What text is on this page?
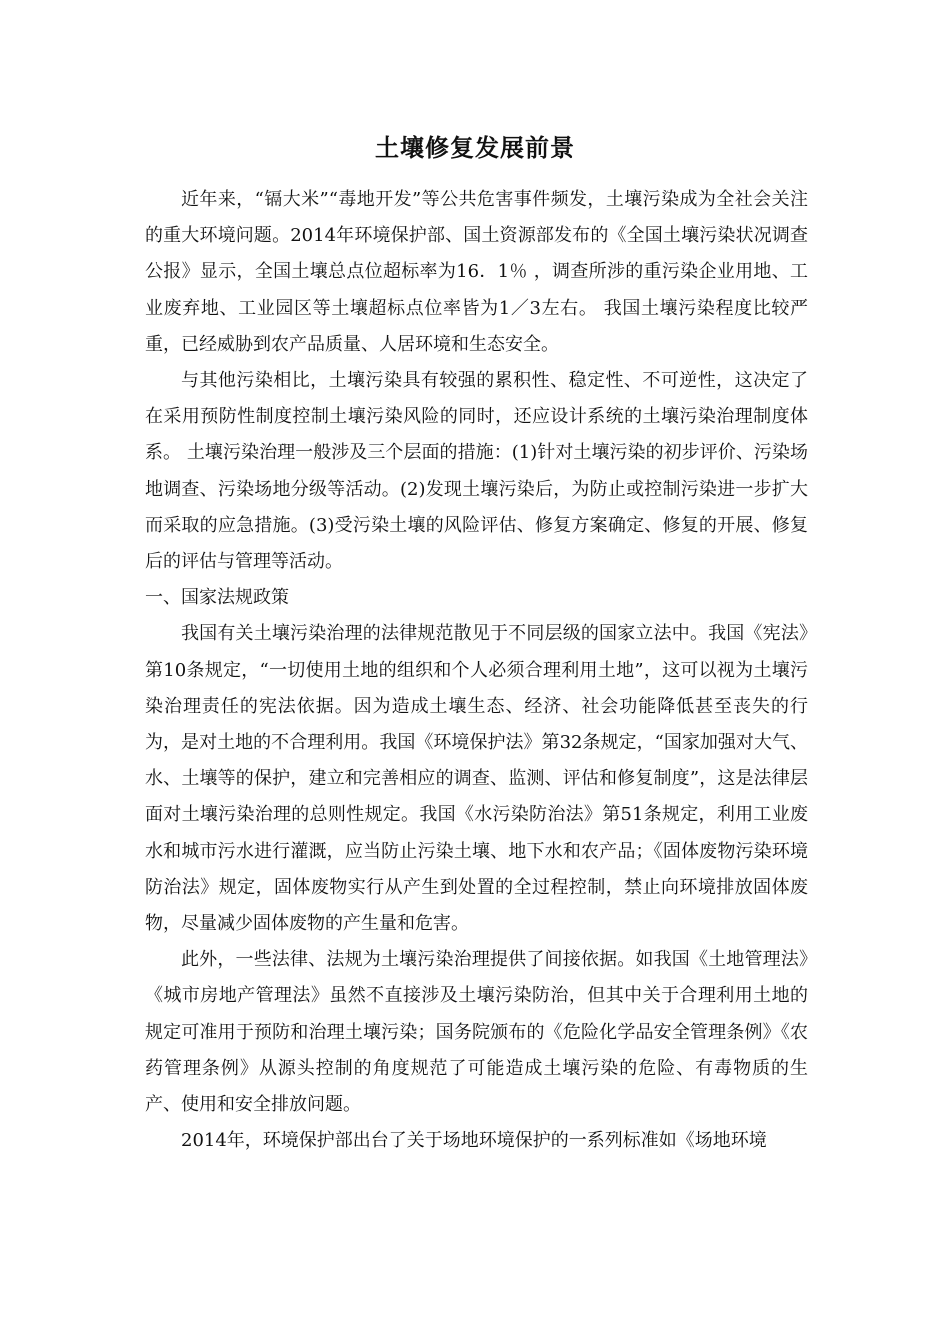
土壤修复发展前景

近年来，“镉大米”“毒地开发”等公共危害事件频发，土壤污染成为全社会关注的重大环境问题。2014年环境保护部、国土资源部发布的《全国土壤污染状况调查公报》显示，全国土壤总点位超标率为16．1％ ，调查所涉的重污染企业用地、工业废弃地、工业园区等土壤超标点位率皆为1／3左右。 我国土壤污染程度比较严重，已经威胁到农产品质量、人居环境和生态安全。

与其他污染相比，土壤污染具有较强的累积性、稳定性、不可逆性，这决定了在采用预防性制度控制土壤污染风险的同时，还应设计系统的土壤污染治理制度体系。 土壤污染治理一般涉及三个层面的措施：(1)针对土壤污染的初步评价、污染场地调查、污染场地分级等活动。(2)发现土壤污染后，为防止或控制污染进一步扩大而采取的应急措施。(3)受污染土壤的风险评估、修复方案确定、修复的开展、修复后的评估与管理等活动。

一、国家法规政策

我国有关土壤污染治理的法律规范散见于不同层级的国家立法中。我国《宪法》第10条规定，“一切使用土地的组织和个人必须合理利用土地”，这可以视为土壤污染治理责任的宪法依据。因为造成土壤生态、经济、社会功能降低甚至丧失的行为，是对土地的不合理利用。我国《环境保护法》第32条规定，“国家加强对大气、水、土壤等的保护，建立和完善相应的调查、监测、评估和修复制度”，这是法律层面对土壤污染治理的总则性规定。我国《水污染防治法》第51条规定，利用工业废水和城市污水进行灌溉，应当防止污染土壤、地下水和农产品；《固体废物污染环境防治法》规定，固体废物实行从产生到处置的全过程控制，禁止向环境排放固体废物，尽量减少固体废物的产生量和危害。

此外，一些法律、法规为土壤污染治理提供了间接依据。如我国《土地管理法》《城市房地产管理法》虽然不直接涉及土壤污染防治，但其中关于合理利用土地的规定可准用于预防和治理土壤污染；国务院颁布的《危险化学品安全管理条例》《农药管理条例》从源头控制的角度规范了可能造成土壤污染的危险、有毒物质的生产、使用和安全排放问题。

2014年，环境保护部出台了关于场地环境保护的一系列标准如《场地环境
